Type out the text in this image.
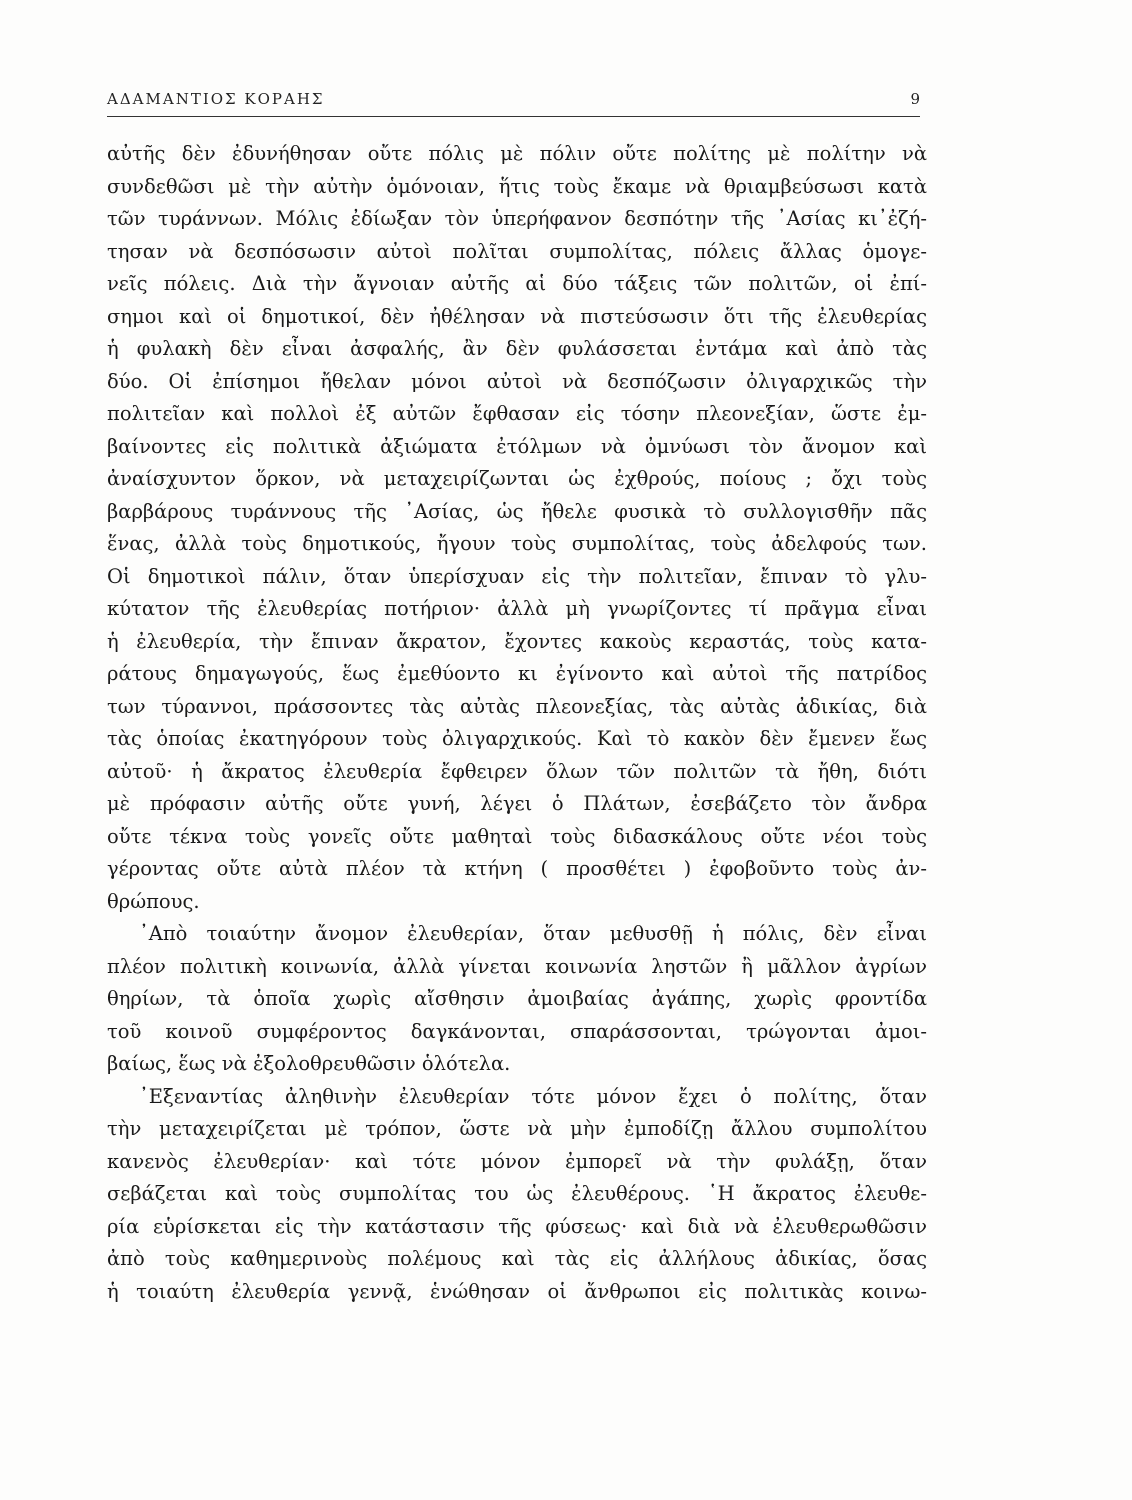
ΑΔΑΜΑΝΤΙΟΣ ΚΟΡΑΗΣ	9
αὐτῆς δὲν ἐδυνήθησαν οὔτε πόλις μὲ πόλιν οὔτε πολίτης μὲ πολίτην νὰ
συνδεθῶσι μὲ τὴν αὐτὴν ὁμόνοιαν, ἥτις τοὺς ἔκαμε νὰ θριαμβεύσωσι κατὰ
τῶν τυράννων. Μόλις ἐδίωξαν τὸν ὑπερήφανον δεσπότην τῆς ᾿Ασίας κι᾿ἐζή-
τησαν νὰ δεσπόσωσιν αὐτοὶ πολῖται συμπολίτας, πόλεις ἄλλας ὁμογε-
νεῖς πόλεις. Διὰ τὴν ἄγνοιαν αὐτῆς αἱ δύο τάξεις τῶν πολιτῶν, οἱ ἐπί-
σημοι καὶ οἱ δημοτικοί, δὲν ἠθέλησαν νὰ πιστεύσωσιν ὅτι τῆς ἐλευθερίας
ἡ φυλακὴ δὲν εἶναι ἀσφαλής, ἂν δὲν φυλάσσεται ἐντάμα καὶ ἀπὸ τὰς
δύο. Οἱ ἐπίσημοι ἤθελαν μόνοι αὐτοὶ νὰ δεσπόζωσιν ὀλιγαρχικῶς τὴν
πολιτεῖαν καὶ πολλοὶ ἐξ αὐτῶν ἔφθασαν εἰς τόσην πλεονεξίαν, ὥστε ἐμ-
βαίνοντες εἰς πολιτικὰ ἀξιώματα ἐτόλμων νὰ ὀμνύωσι τὸν ἄνομον καὶ
ἀναίσχυντον ὅρκον, νὰ μεταχειρίζωνται ὡς ἐχθρούς, ποίους ; ὄχι τοὺς
βαρβάρους τυράννους τῆς ᾿Ασίας, ὡς ἤθελε φυσικὰ τὸ συλλογισθῆν πᾶς
ἕνας, ἀλλὰ τοὺς δημοτικούς, ἤγουν τοὺς συμπολίτας, τοὺς ἀδελφούς των.
Οἱ δημοτικοὶ πάλιν, ὅταν ὑπερίσχυαν εἰς τὴν πολιτεῖαν, ἔπιναν τὸ γλυ-
κύτατον τῆς ἐλευθερίας ποτήριον· ἀλλὰ μὴ γνωρίζοντες τί πρᾶγμα εἶναι
ἡ ἐλευθερία, τὴν ἔπιναν ἄκρατον, ἔχοντες κακοὺς κεραστάς, τοὺς κατα-
ράτους δημαγωγούς, ἕως ἐμεθύοντο κι ἐγίνοντο καὶ αὐτοὶ τῆς πατρίδος
των τύραννοι, πράσσοντες τὰς αὐτὰς πλεονεξίας, τὰς αὐτὰς ἀδικίας, διὰ
τὰς ὁποίας ἐκατηγόρουν τοὺς ὀλιγαρχικούς. Καὶ τὸ κακὸν δὲν ἔμενεν ἕως
αὐτοῦ· ἡ ἄκρατος ἐλευθερία ἔφθειρεν ὅλων τῶν πολιτῶν τὰ ἤθη, διότι
μὲ πρόφασιν αὐτῆς οὔτε γυνή, λέγει ὁ Πλάτων, ἐσεβάζετο τὸν ἄνδρα
οὔτε τέκνα τοὺς γονεῖς οὔτε μαθηταὶ τοὺς διδασκάλους οὔτε νέοι τοὺς
γέροντας οὔτε αὐτὰ πλέον τὰ κτήνη ( προσθέτει ) ἐφοβοῦντο τοὺς ἀν-
θρώπους.
᾿Απὸ τοιαύτην ἄνομον ἐλευθερίαν, ὅταν μεθυσθῇ ἡ πόλις, δὲν εἶναι
πλέον πολιτικὴ κοινωνία, ἀλλὰ γίνεται κοινωνία ληστῶν ἢ μᾶλλον ἀγρίων
θηρίων, τὰ ὁποῖα χωρὶς αἴσθησιν ἀμοιβαίας ἀγάπης, χωρὶς φροντίδα
τοῦ κοινοῦ συμφέροντος δαγκάνονται, σπαράσσονται, τρώγονται ἀμοι-
βαίως, ἕως νὰ ἐξολοθρευθῶσιν ὁλότελα.
᾿Εξεναντίας ἀληθινὴν ἐλευθερίαν τότε μόνον ἔχει ὁ πολίτης, ὅταν
τὴν μεταχειρίζεται μὲ τρόπον, ὥστε νὰ μὴν ἐμποδίζῃ ἄλλου συμπολίτου
κανενὸς ἐλευθερίαν· καὶ τότε μόνον ἐμπορεῖ νὰ τὴν φυλάξῃ, ὅταν
σεβάζεται καὶ τοὺς συμπολίτας του ὡς ἐλευθέρους. ῾Η ἄκρατος ἐλευθε-
ρία εὑρίσκεται εἰς τὴν κατάστασιν τῆς φύσεως· καὶ διὰ νὰ ἐλευθερωθῶσιν
ἀπὸ τοὺς καθημερινοὺς πολέμους καὶ τὰς εἰς ἀλλήλους ἀδικίας, ὅσας
ἡ τοιαύτη ἐλευθερία γεννᾷ, ἑνώθησαν οἱ ἄνθρωποι εἰς πολιτικὰς κοινω-
